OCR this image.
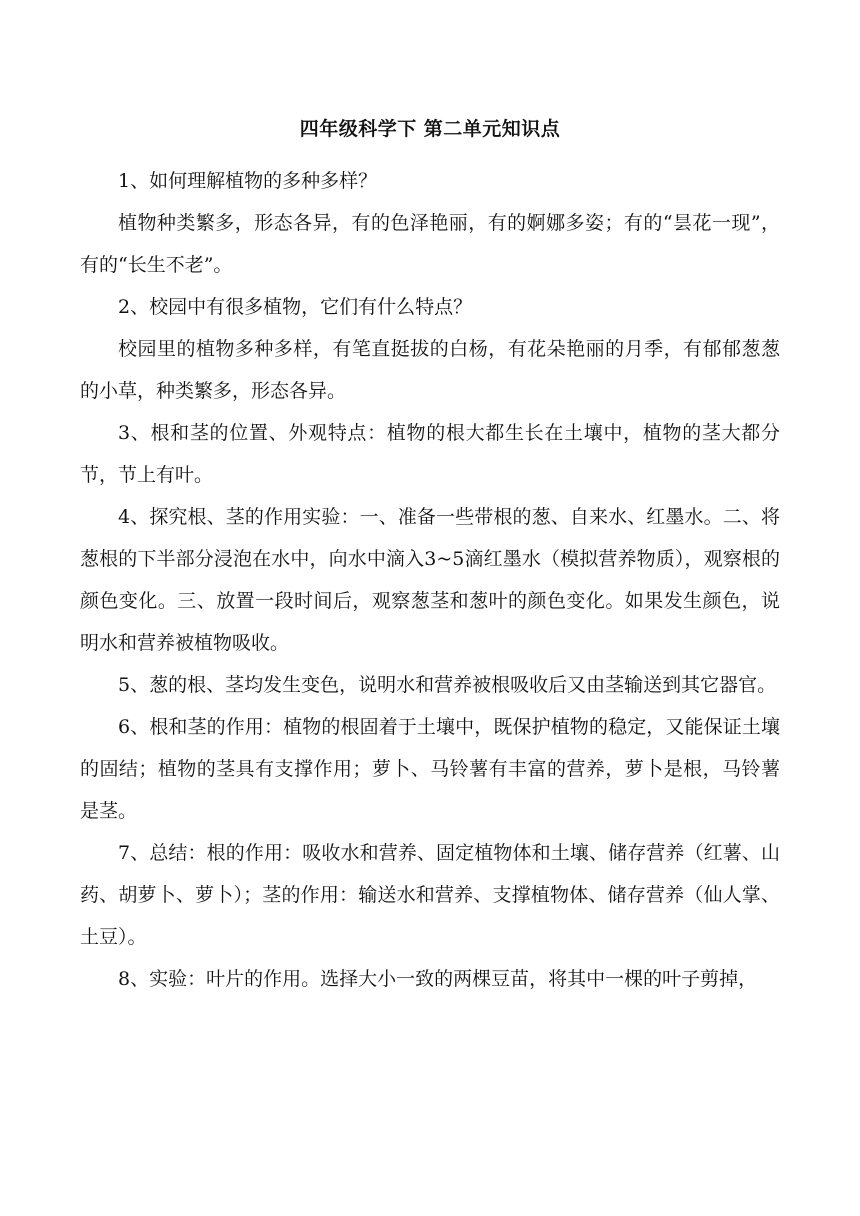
四年级科学下 第二单元知识点

1、如何理解植物的多种多样？

植物种类繁多，形态各异，有的色泽艳丽，有的婀娜多姿；有的“昙花一现”，有的“长生不老”。

2、校园中有很多植物，它们有什么特点？

校园里的植物多种多样，有笔直挺拔的白杨，有花朵艳丽的月季，有郁郁葱葱的小草，种类繁多，形态各异。

3、根和茎的位置、外观特点：植物的根大都生长在土壤中，植物的茎大都分节，节上有叶。

4、探究根、茎的作用实验：一、准备一些带根的葱、自来水、红墨水。二、将葱根的下半部分浸泡在水中，向水中滴入3~5滴红墨水（模拟营养物质），观察根的颜色变化。三、放置一段时间后，观察葱茎和葱叶的颜色变化。如果发生颜色，说明水和营养被植物吸收。

5、葱的根、茎均发生变色，说明水和营养被根吸收后又由茎输送到其它器官。

6、根和茎的作用：植物的根固着于土壤中，既保护植物的稳定，又能保证土壤的固结；植物的茎具有支撑作用；萝卜、马铃薯有丰富的营养，萝卜是根，马铃薯是茎。

7、总结：根的作用：吸收水和营养、固定植物体和土壤、储存营养（红薯、山药、胡萝卜、萝卜）；茎的作用：输送水和营养、支撑植物体、储存营养（仙人掌、土豆）。

8、实验：叶片的作用。选择大小一致的两棵豆苗，将其中一棵的叶子剪掉，
